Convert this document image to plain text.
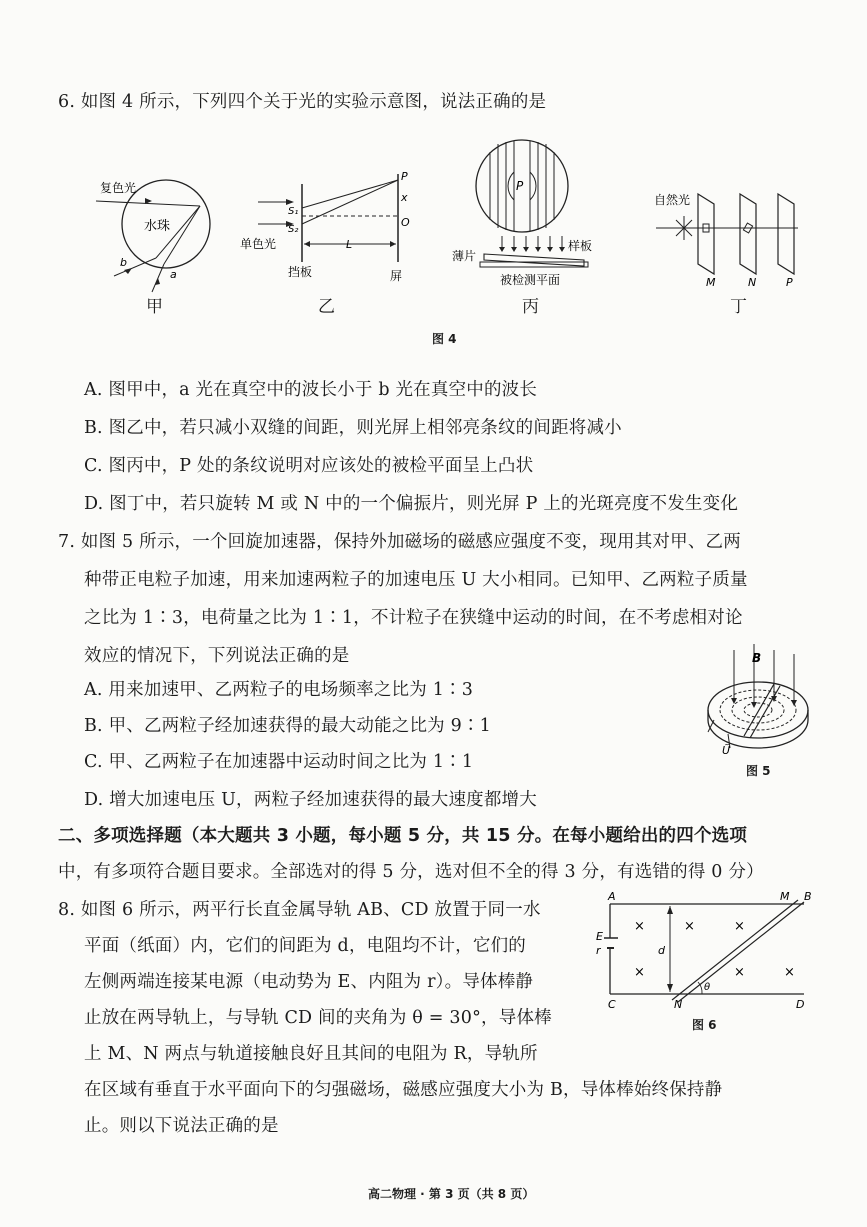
6. 如图 4 所示，下列四个关于光的实验示意图，说法正确的是
复色光
水珠
b
a
甲
P
x
O
S₁
S₂
单色光	L
挡板	屏
乙
P
薄片
样板
被检测平面
丙
自然光
M	N	P
丁
图 4
A. 图甲中，a 光在真空中的波长小于 b 光在真空中的波长
B. 图乙中，若只减小双缝的间距，则光屏上相邻亮条纹的间距将减小
C. 图丙中，P 处的条纹说明对应该处的被检平面呈上凸状
D. 图丁中，若只旋转 M 或 N 中的一个偏振片，则光屏 P 上的光斑亮度不发生变化
7. 如图 5 所示，一个回旋加速器，保持外加磁场的磁感应强度不变，现用其对甲、乙两
种带正电粒子加速，用来加速两粒子的加速电压 U 大小相同。已知甲、乙两粒子质量
之比为 1∶3，电荷量之比为 1∶1，不计粒子在狭缝中运动的时间，在不考虑相对论
效应的情况下，下列说法正确的是
A. 用来加速甲、乙两粒子的电场频率之比为 1∶3
B. 甲、乙两粒子经加速获得的最大动能之比为 9∶1
C. 甲、乙两粒子在加速器中运动时间之比为 1∶1
D. 增大加速电压 U，两粒子经加速获得的最大速度都增大
B
Ũ
图 5
二、多项选择题（本大题共 3 小题，每小题 5 分，共 15 分。在每小题给出的四个选项
中，有多项符合题目要求。全部选对的得 5 分，选对但不全的得 3 分，有选错的得 0 分）
8. 如图 6 所示，两平行长直金属导轨 AB、CD 放置于同一水
平面（纸面）内，它们的间距为 d，电阻均不计，它们的
左侧两端连接某电源（电动势为 E、内阻为 r）。导体棒静
止放在两导轨上，与导轨 CD 间的夹角为 θ = 30°，导体棒
上 M、N 两点与轨道接触良好且其间的电阻为 R，导轨所
在区域有垂直于水平面向下的匀强磁场，磁感应强度大小为 B，导体棒始终保持静
止。则以下说法正确的是
×	×	×
×	×	×
A	M B
C	N	D
E
r	d
θ
图 6
高二物理 · 第 3 页（共 8 页）
